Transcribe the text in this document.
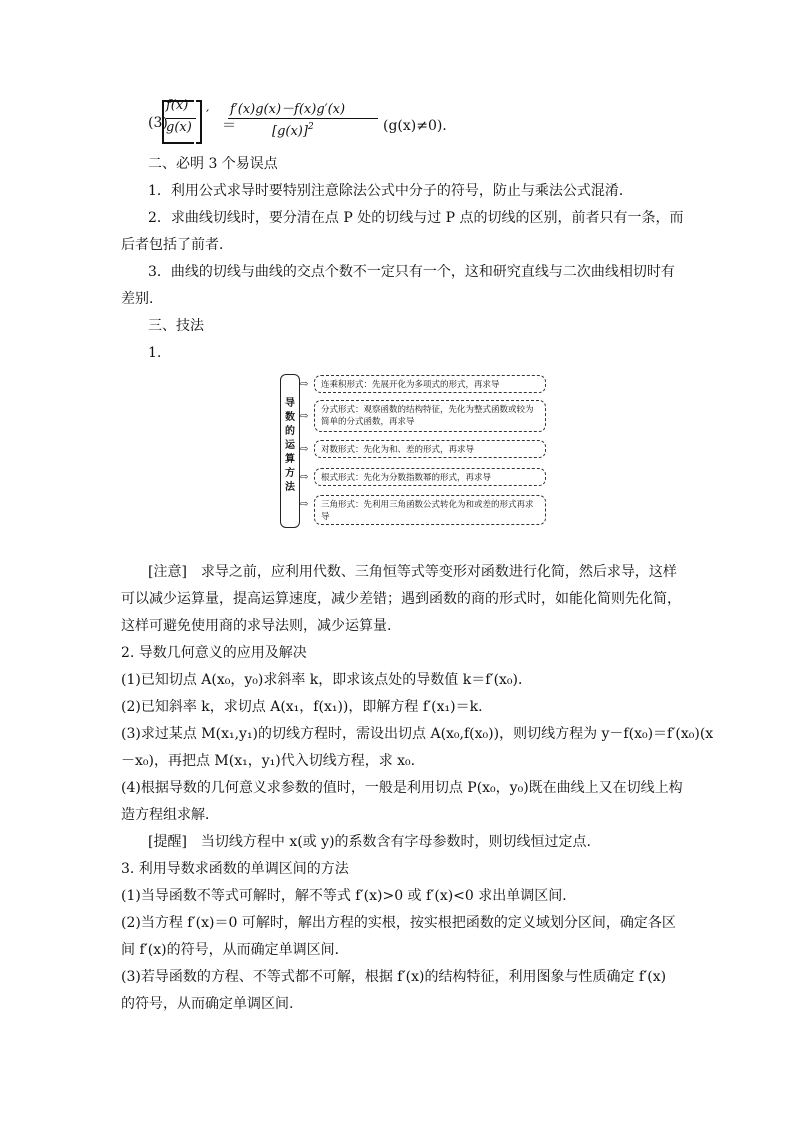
(3)
f(x)
g(x)
′
＝
f′(x)g(x)－f(x)g′(x)
$[g(x)]^2$	(g(x)≠0)．
二、必明 3 个易误点
1．利用公式求导时要特别注意除法公式中分子的符号，防止与乘法公式混淆．
2．求曲线切线时，要分清在点 P 处的切线与过 P 点的切线的区别，前者只有一条，而
后者包括了前者．
3．曲线的切线与曲线的交点个数不一定只有一个，这和研究直线与二次曲线相切时有
差别．
三、技法
1.
导数的运算方法
⇨	连乘积形式：先展开化为多项式的形式，再求导
⇨
分式形式：观察函数的结构特征，先化为整式函数或较为简单的分式函数，再求导
⇨	对数形式：先化为和、差的形式，再求导
⇨	根式形式：先化为分数指数幂的形式，再求导
⇨	三角形式：先利用三角函数公式转化为和或差的形式再求导
[注意]　求导之前，应利用代数、三角恒等式等变形对函数进行化简，然后求导，这样
可以减少运算量，提高运算速度，减少差错；遇到函数的商的形式时，如能化简则先化简，
这样可避免使用商的求导法则，减少运算量.
2. 导数几何意义的应用及解决
(1)已知切点 A(x₀，y₀)求斜率 k，即求该点处的导数值 k＝f′(x₀)．
(2)已知斜率 k，求切点 A(x₁，f(x₁))，即解方程 f′(x₁)＝k.
(3)求过某点 M(x₁,y₁)的切线方程时，需设出切点 A(x₀,f(x₀))，则切线方程为 y－f(x₀)＝f′(x₀)(x
－x₀)，再把点 M(x₁，y₁)代入切线方程，求 x₀.
(4)根据导数的几何意义求参数的值时，一般是利用切点 P(x₀，y₀)既在曲线上又在切线上构
造方程组求解．
[提醒]　当切线方程中 x(或 y)的系数含有字母参数时，则切线恒过定点.
3. 利用导数求函数的单调区间的方法
(1)当导函数不等式可解时，解不等式 f′(x)>0 或 f′(x)<0 求出单调区间．
(2)当方程 f′(x)＝0 可解时，解出方程的实根，按实根把函数的定义域划分区间，确定各区
间 f′(x)的符号，从而确定单调区间．
(3)若导函数的方程、不等式都不可解，根据 f′(x)的结构特征，利用图象与性质确定 f′(x)
的符号，从而确定单调区间.
